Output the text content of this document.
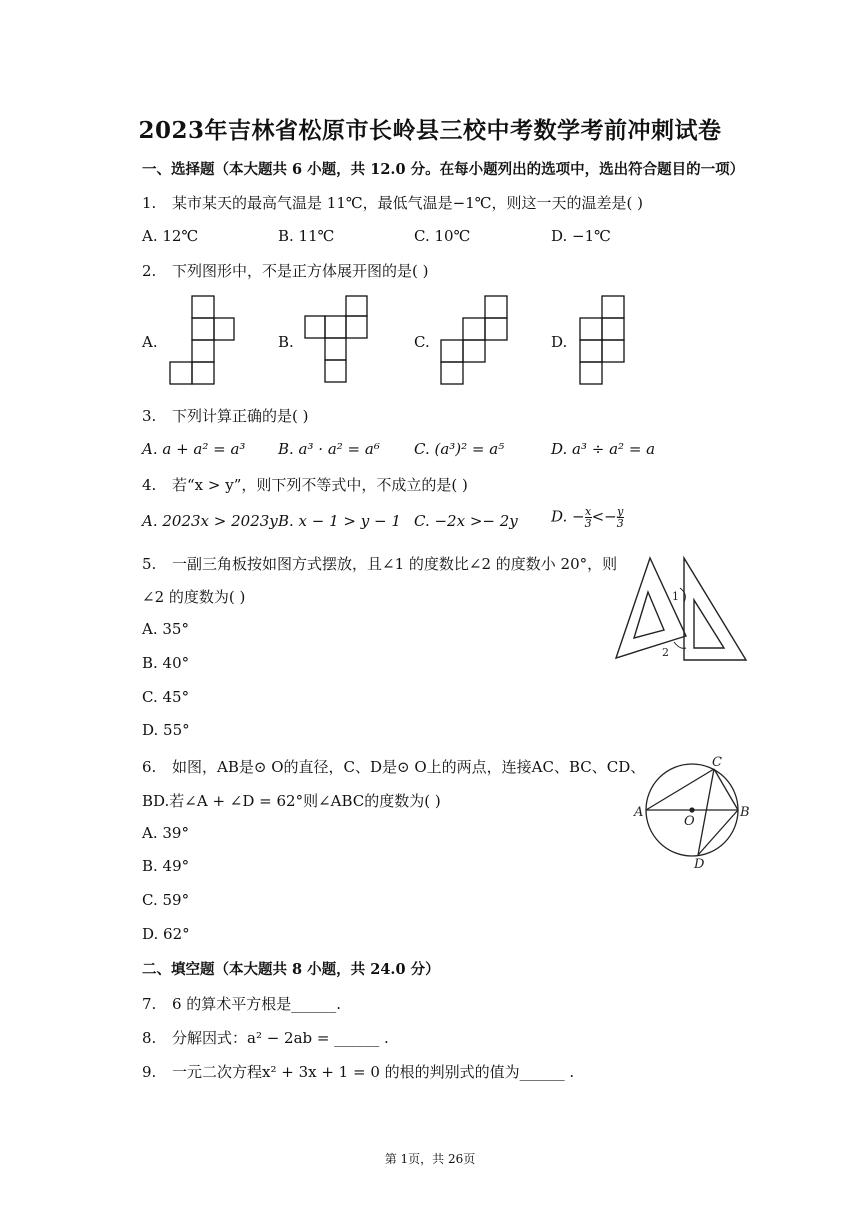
2023年吉林省松原市长岭县三校中考数学考前冲刺试卷
一、选择题（本大题共 6 小题，共 12.0 分。在每小题列出的选项中，选出符合题目的一项）
1. 某市某天的最高气温是 11℃，最低气温是−1℃，则这一天的温差是( )
A. 12℃	B. 11℃	C. 10℃	D. −1℃
2. 下列图形中，不是正方体展开图的是( )
A.	B.	C.	D.
3. 下列计算正确的是( )
A. a + a² = a³ B. a³ · a² = a⁶ C. (a³)² = a⁵	D. a³ ÷ a² = a
4. 若“x > y”，则下列不等式中，不成立的是( )
A. 2023x > 2023y B. x − 1 > y − 1 C. −2x >− 2y D. − $\frac{x}{3} <- \frac{y}{3}$
5. 一副三角板按如图方式摆放，且∠1 的度数比∠2 的度数小 20°，则
∠2 的度数为( )
A. 35°
B. 40°
C. 45°
D. 55°
1
2
6. 如图，AB是⊙ O的直径，C、D是⊙ O上的两点，连接AC、BC、CD、
BD.若∠A + ∠D = 62°则∠ABC的度数为( )
A. 39°
B. 49°
C. 59°
D. 62°
A	B
C
D
O
二、填空题（本大题共 8 小题，共 24.0 分）
7. 6 的算术平方根是______.
8. 分解因式：a² − 2ab = ______ .
9. 一元二次方程x² + 3x + 1 = 0 的根的判别式的值为______ .
第 1页，共 26页
